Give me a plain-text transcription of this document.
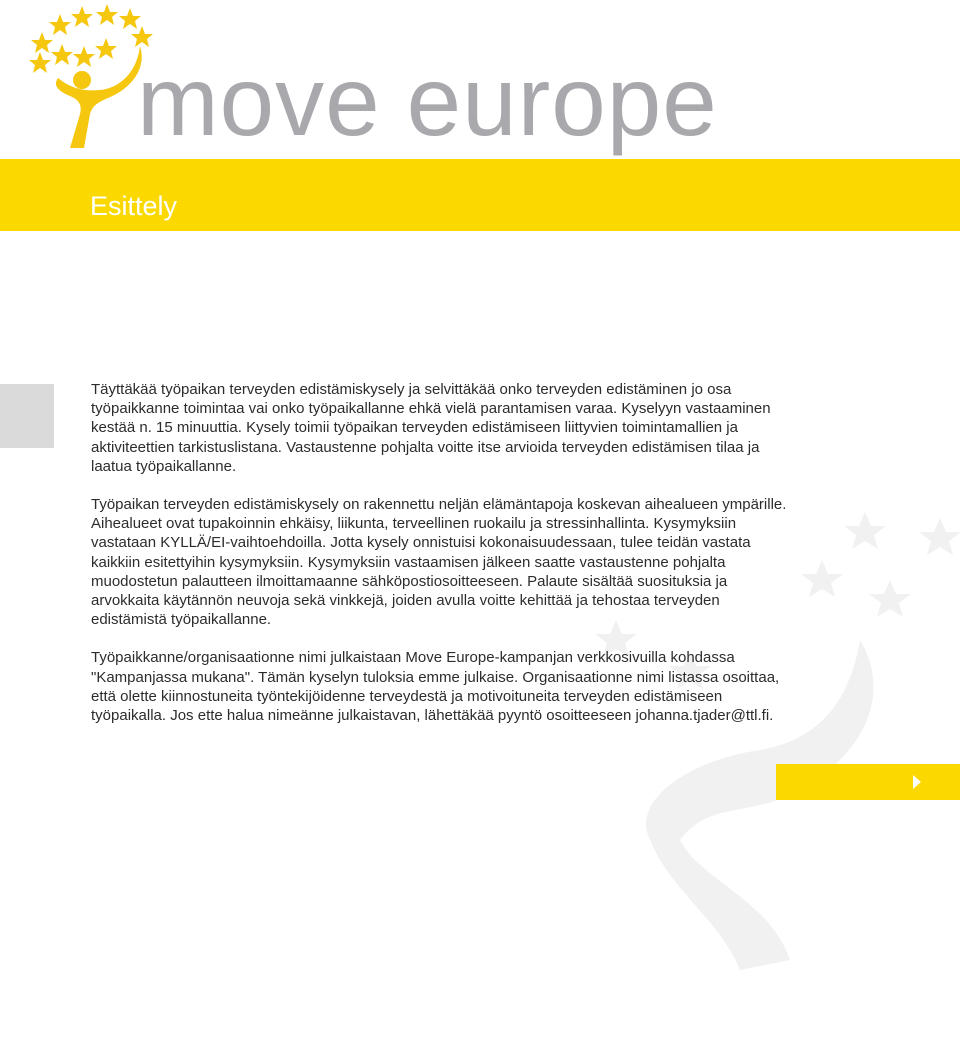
move europe
Esittely

Täyttäkää työpaikan terveyden edistämiskysely ja selvittäkää onko terveyden edistäminen jo osa työpaikkanne toimintaa vai onko työpaikallanne ehkä vielä parantamisen varaa. Kyselyyn vastaaminen kestää n. 15 minuuttia. Kysely toimii työpaikan terveyden edistämiseen liittyvien toimintamallien ja aktiviteettien tarkistuslistana. Vastaustenne pohjalta voitte itse arvioida terveyden edistämisen tilaa ja laatua työpaikallanne.

Työpaikan terveyden edistämiskysely on rakennettu neljän elämäntapoja koskevan aihealueen ympärille. Aihealueet ovat tupakoinnin ehkäisy, liikunta, terveellinen ruokailu ja stressinhallinta. Kysymyksiin vastataan KYLLÄ/EI-vaihtoehdoilla. Jotta kysely onnistuisi kokonaisuudessaan, tulee teidän vastata kaikkiin esitettyihin kysymyksiin. Kysymyksiin vastaamisen jälkeen saatte vastaustenne pohjalta muodostetun palautteen ilmoittamaanne sähköpostiosoitteeseen. Palaute sisältää suosituksia ja arvokkaita käytännön neuvoja sekä vinkkejä, joiden avulla voitte kehittää ja tehostaa terveyden edistämistä työpaikallanne.

Työpaikkanne/organisaationne nimi julkaistaan Move Europe-kampanjan verkkosivuilla kohdassa "Kampanjassa mukana". Tämän kyselyn tuloksia emme julkaise. Organisaationne nimi listassa osoittaa, että olette kiinnostuneita työntekijöidenne terveydestä ja motivoituneita terveyden edistämiseen työpaikalla. Jos ette halua nimeänne julkaistavan, lähettäkää pyyntö osoitteeseen johanna.tjader@ttl.fi.
